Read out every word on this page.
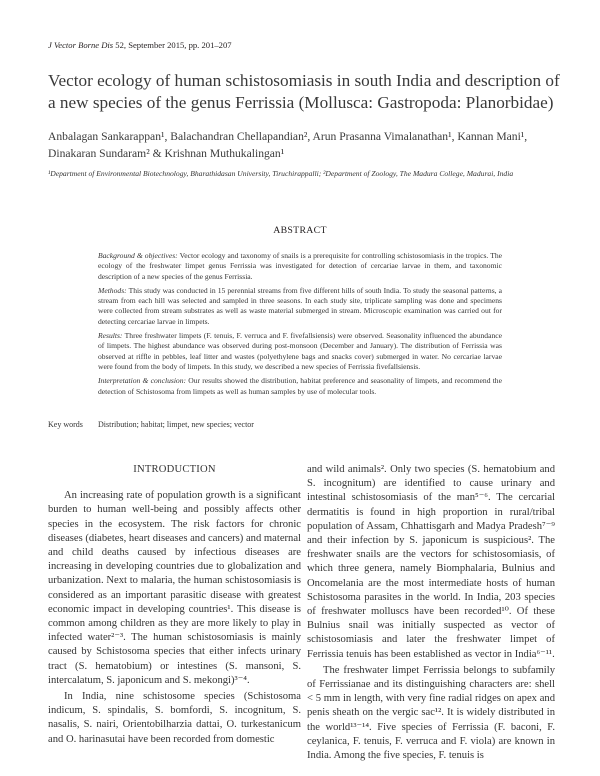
J Vector Borne Dis 52, September 2015, pp. 201–207
Vector ecology of human schistosomiasis in south India and description of a new species of the genus Ferrissia (Mollusca: Gastropoda: Planorbidae)
Anbalagan Sankarappan¹, Balachandran Chellapandian², Arun Prasanna Vimalanathan¹, Kannan Mani¹, Dinakaran Sundaram² & Krishnan Muthukalingan¹
¹Department of Environmental Biotechnology, Bharathidasan University, Tiruchirappalli; ²Department of Zoology, The Madura College, Madurai, India
ABSTRACT

Background & objectives: Vector ecology and taxonomy of snails is a prerequisite for controlling schistosomiasis in the tropics. The ecology of the freshwater limpet genus Ferrissia was investigated for detection of cercariae larvae in them, and taxonomic description of a new species of the genus Ferrissia.

Methods: This study was conducted in 15 perennial streams from five different hills of south India. To study the seasonal patterns, a stream from each hill was selected and sampled in three seasons. In each study site, triplicate sampling was done and specimens were collected from stream substrates as well as waste material submerged in stream. Microscopic examination was carried out for detecting cercariae larvae in limpets.

Results: Three freshwater limpets (F. tenuis, F. verruca and F. fivefallsiensis) were observed. Seasonality influenced the abundance of limpets. The highest abundance was observed during post-monsoon (December and January). The distribution of Ferrissia was observed at riffle in pebbles, leaf litter and wastes (polyethylene bags and snacks cover) submerged in water. No cercariae larvae were found from the body of limpets. In this study, we described a new species of Ferrissia fivefallsiensis.

Interpretation & conclusion: Our results showed the distribution, habitat preference and seasonality of limpets, and recommend the detection of Schistosoma from limpets as well as human samples by use of molecular tools.

Key words Distribution; habitat; limpet, new species; vector
INTRODUCTION

An increasing rate of population growth is a significant burden to human well-being and possibly affects other species in the ecosystem. The risk factors for chronic diseases (diabetes, heart diseases and cancers) and maternal and child deaths caused by infectious diseases are increasing in developing countries due to globalization and urbanization. Next to malaria, the human schistosomiasis is considered as an important parasitic disease with greatest economic impact in developing countries¹. This disease is common among children as they are more likely to play in infected water²⁻³. The human schistosomiasis is mainly caused by Schistosoma species that either infects urinary tract (S. hematobium) or intestines (S. mansoni, S. intercalatum, S. japonicum and S. mekongi)³⁻⁴.

In India, nine schistosome species (Schistosoma indicum, S. spindalis, S. bomfordi, S. incognitum, S. nasalis, S. nairi, Orientobilharzia dattai, O. turkestanicum and O. harinasutai have been recorded from domestic

and wild animals². Only two species (S. hematobium and S. incognitum) are identified to cause urinary and intestinal schistosomiasis of the man⁵⁻⁶. The cercarial dermatitis is found in high proportion in rural/tribal population of Assam, Chhattisgarh and Madya Pradesh⁷⁻⁹ and their infection by S. japonicum is suspicious². The freshwater snails are the vectors for schistosomiasis, of which three genera, namely Biomphalaria, Bulnius and Oncomelania are the most intermediate hosts of human Schistosoma parasites in the world. In India, 203 species of freshwater molluscs have been recorded¹⁰. Of these Bulnius snail was initially suspected as vector of schistosomiasis and later the freshwater limpet of Ferrissia tenuis has been established as vector in India⁶⁻¹¹.

The freshwater limpet Ferrissia belongs to subfamily of Ferrissianae and its distinguishing characters are: shell < 5 mm in length, with very fine radial ridges on apex and penis sheath on the vergic sac¹². It is widely distributed in the world¹³⁻¹⁴. Five species of Ferrissia (F. baconi, F. ceylanica, F. tenuis, F. verruca and F. viola) are known in India. Among the five species, F. tenuis is
